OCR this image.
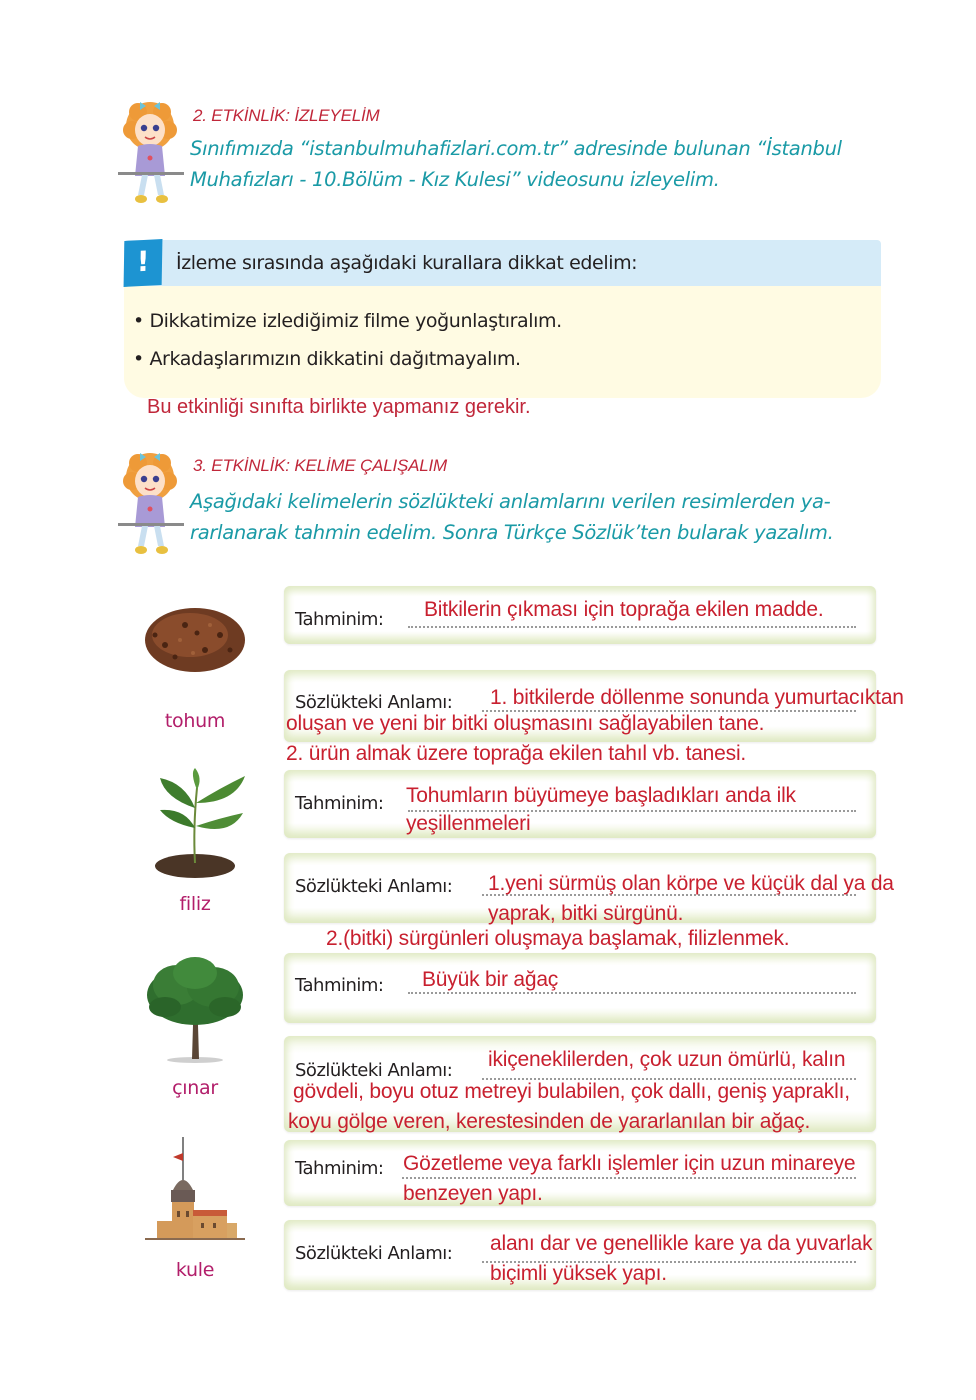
2. ETKİNLİK: İZLEYELİM
Sınıfımızda “istanbulmuhafizlari.com.tr” adresinde bulunan “İstanbul
Muhafızları - 10.Bölüm - Kız Kulesi” videosunu izleyelim.
!	İzleme sırasında aşağıdaki kurallara dikkat edelim:
• Dikkatimize izlediğimiz filme yoğunlaştıralım.
• Arkadaşlarımızın dikkatini dağıtmayalım.
Bu etkinliği sınıfta birlikte yapmanız gerekir.
3. ETKİNLİK: KELİME ÇALIŞALIM
Aşağıdaki kelimelerin sözlükteki anlamlarını verilen resimlerden ya-
rarlanarak tahmin edelim. Sonra Türkçe Sözlük’ten bularak yazalım.
tohum
Tahminim: Bitkilerin çıkması için toprağa ekilen madde.
Sözlükteki Anlamı: 1. bitkilerde döllenme sonunda yumurtacıktan
oluşan ve yeni bir bitki oluşmasını sağlayabilen tane.
2. ürün almak üzere toprağa ekilen tahıl vb. tanesi.
filiz
Tahminim: Tohumların büyümeye başladıkları anda ilk
yeşillenmeleri
Sözlükteki Anlamı: 1.yeni sürmüş olan körpe ve küçük dal ya da
yaprak, bitki sürgünü.
2.(bitki) sürgünleri oluşmaya başlamak, filizlenmek.
çınar
Tahminim: Büyük bir ağaç
Sözlükteki Anlamı: ikiçeneklilerden, çok uzun ömürlü, kalın
gövdeli, boyu otuz metreyi bulabilen, çok dallı, geniş yapraklı,
koyu gölge veren, kerestesinden de yararlanılan bir ağaç.
kule
Tahminim: Gözetleme veya farklı işlemler için uzun minareye
benzeyen yapı.
Sözlükteki Anlamı: alanı dar ve genellikle kare ya da yuvarlak
biçimli yüksek yapı.
